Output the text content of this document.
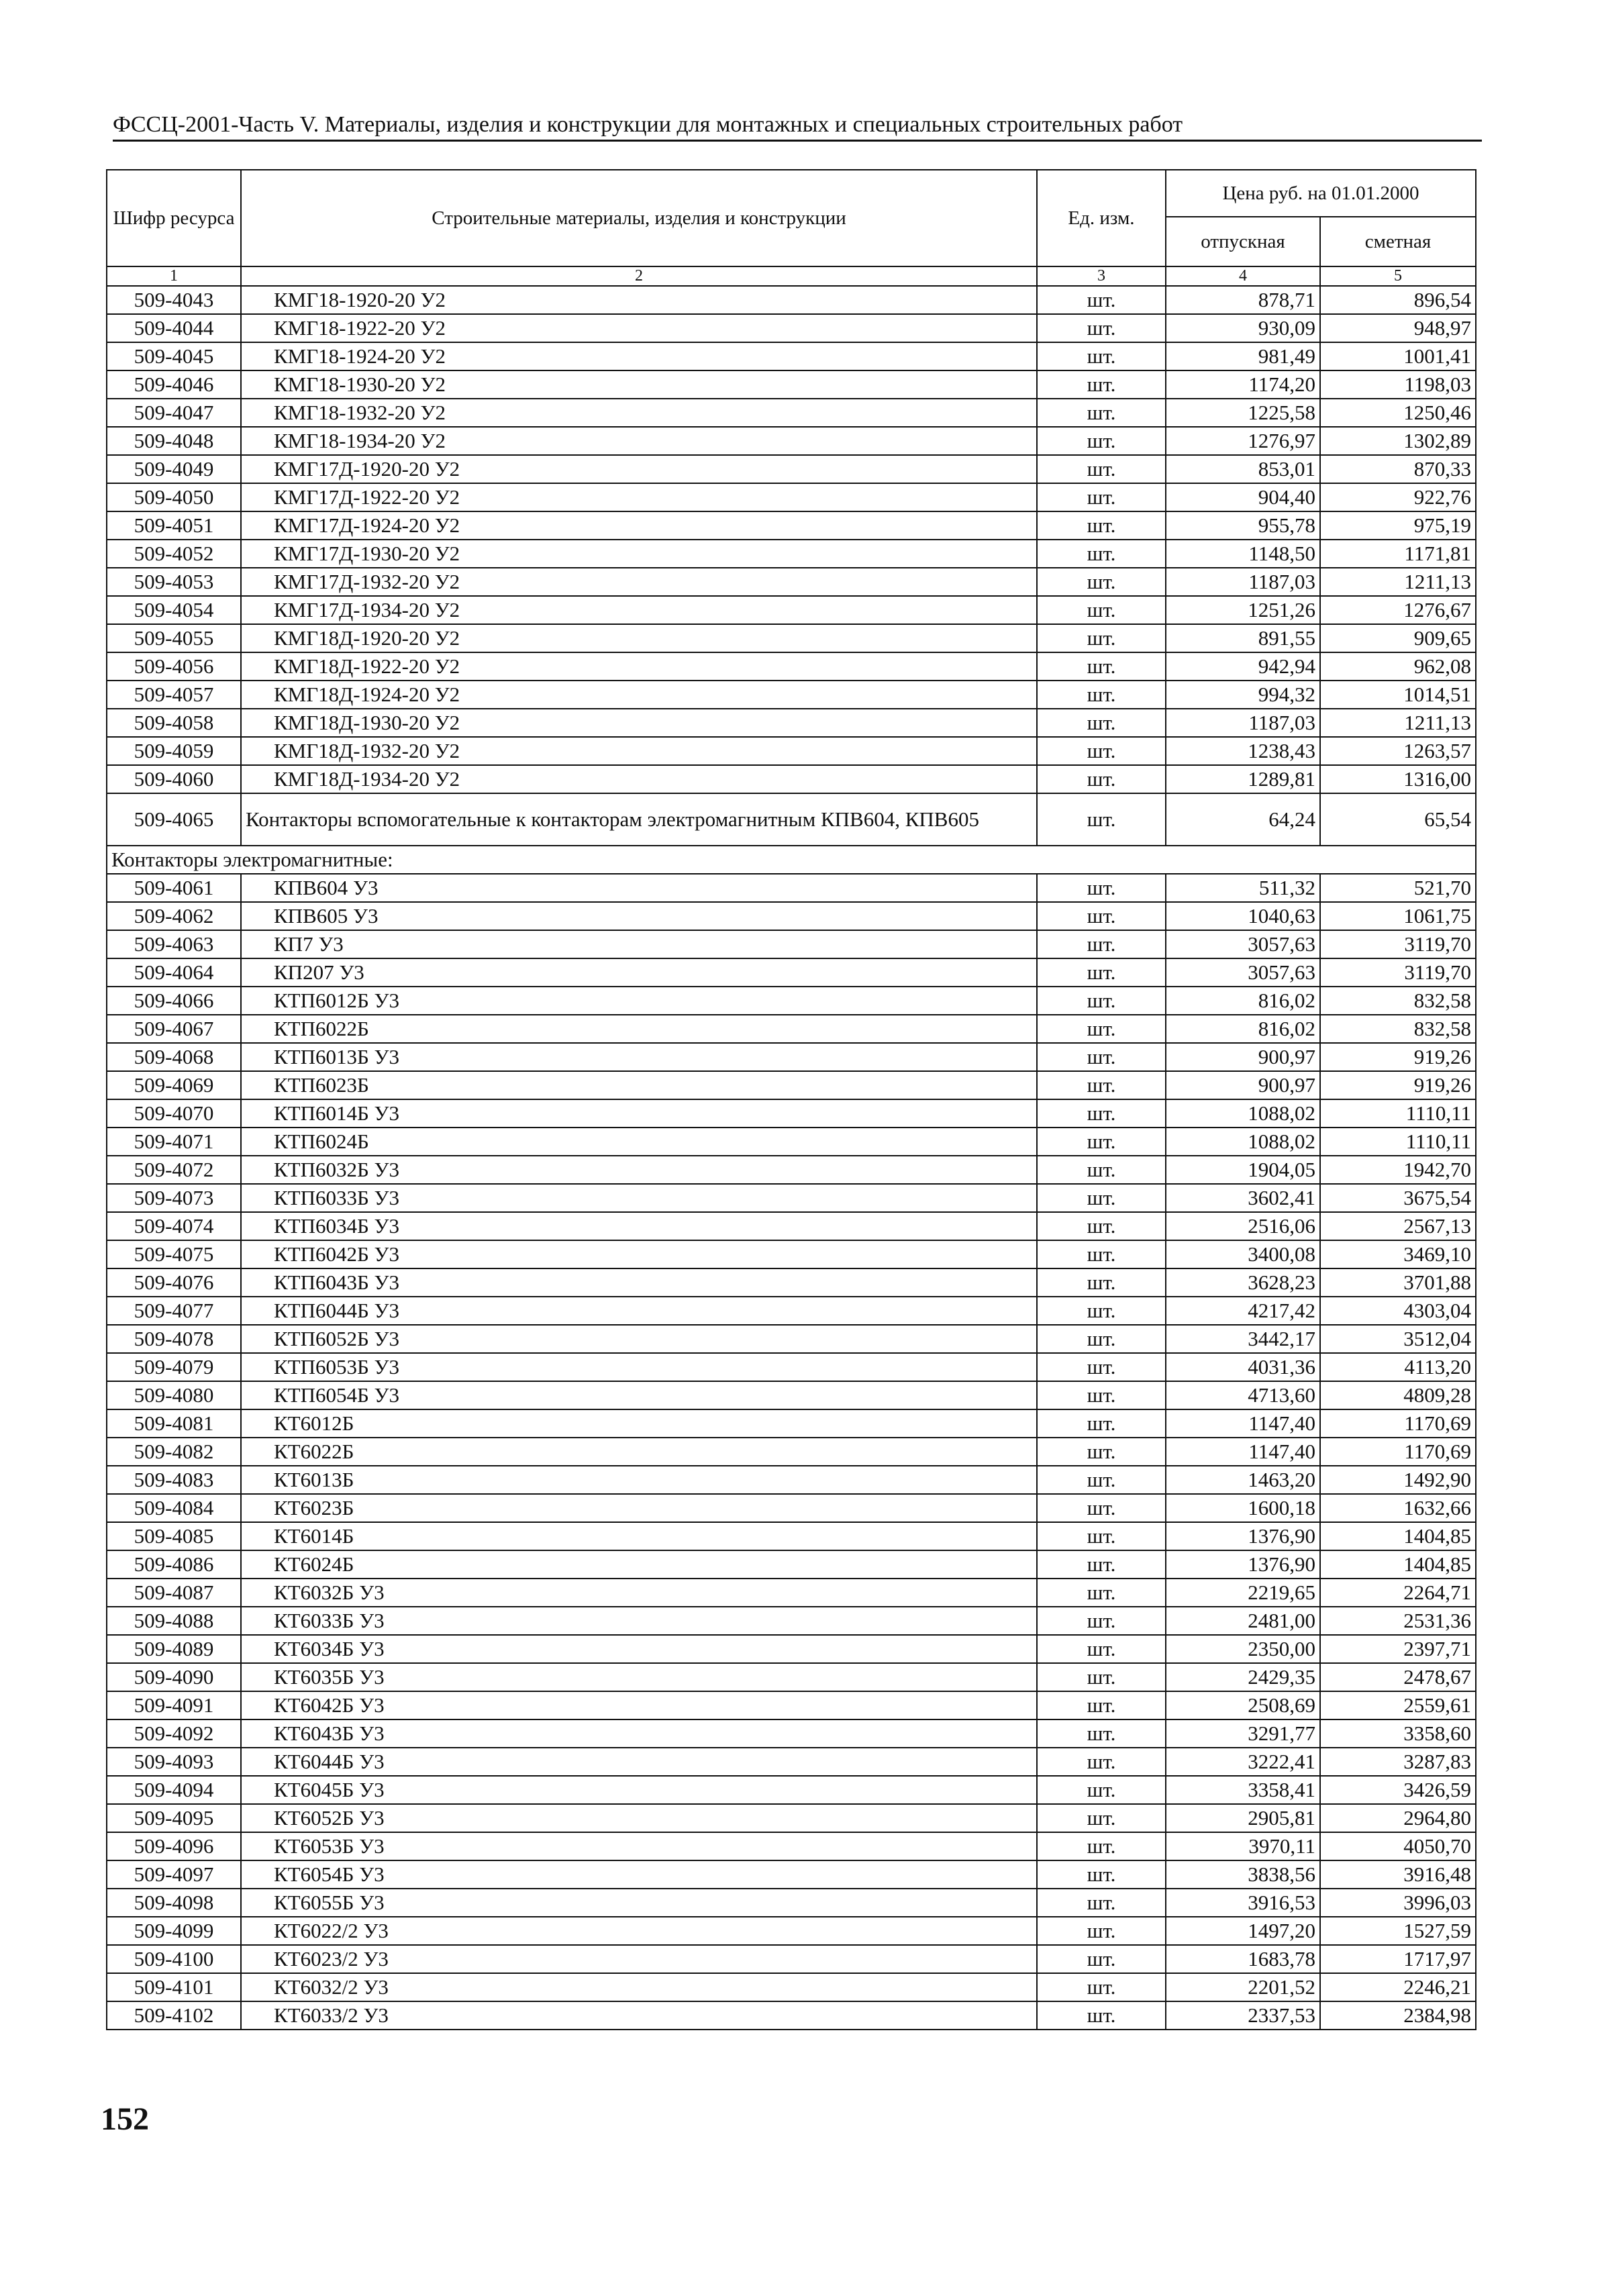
ФССЦ-2001-Часть V. Материалы, изделия и конструкции для монтажных и специальных строительных работ
Шифр ресурса	Строительные материалы, изделия и конструкции	Ед. изм.	Цена руб. на 01.01.2000	
			отпускная	сметная
1	2	3	4	5
509-4043	КМГ18-1920-20 У2	шт.	878,71	896,54
509-4044	КМГ18-1922-20 У2	шт.	930,09	948,97
509-4045	КМГ18-1924-20 У2	шт.	981,49	1001,41
509-4046	КМГ18-1930-20 У2	шт.	1174,20	1198,03
509-4047	КМГ18-1932-20 У2	шт.	1225,58	1250,46
509-4048	КМГ18-1934-20 У2	шт.	1276,97	1302,89
509-4049	КМГ17Д-1920-20 У2	шт.	853,01	870,33
509-4050	КМГ17Д-1922-20 У2	шт.	904,40	922,76
509-4051	КМГ17Д-1924-20 У2	шт.	955,78	975,19
509-4052	КМГ17Д-1930-20 У2	шт.	1148,50	1171,81
509-4053	КМГ17Д-1932-20 У2	шт.	1187,03	1211,13
509-4054	КМГ17Д-1934-20 У2	шт.	1251,26	1276,67
509-4055	КМГ18Д-1920-20 У2	шт.	891,55	909,65
509-4056	КМГ18Д-1922-20 У2	шт.	942,94	962,08
509-4057	КМГ18Д-1924-20 У2	шт.	994,32	1014,51
509-4058	КМГ18Д-1930-20 У2	шт.	1187,03	1211,13
509-4059	КМГ18Д-1932-20 У2	шт.	1238,43	1263,57
509-4060	КМГ18Д-1934-20 У2	шт.	1289,81	1316,00
509-4065	Контакторы вспомогательные к контакторам электромагнитным КПВ604, КПВ605	шт.	64,24	65,54
Контакторы электромагнитные:				
509-4061	КПВ604 У3	шт.	511,32	521,70
509-4062	КПВ605 У3	шт.	1040,63	1061,75
509-4063	КП7 У3	шт.	3057,63	3119,70
509-4064	КП207 У3	шт.	3057,63	3119,70
509-4066	КТП6012Б У3	шт.	816,02	832,58
509-4067	КТП6022Б	шт.	816,02	832,58
509-4068	КТП6013Б У3	шт.	900,97	919,26
509-4069	КТП6023Б	шт.	900,97	919,26
509-4070	КТП6014Б У3	шт.	1088,02	1110,11
509-4071	КТП6024Б	шт.	1088,02	1110,11
509-4072	КТП6032Б У3	шт.	1904,05	1942,70
509-4073	КТП6033Б У3	шт.	3602,41	3675,54
509-4074	КТП6034Б У3	шт.	2516,06	2567,13
509-4075	КТП6042Б У3	шт.	3400,08	3469,10
509-4076	КТП6043Б У3	шт.	3628,23	3701,88
509-4077	КТП6044Б У3	шт.	4217,42	4303,04
509-4078	КТП6052Б У3	шт.	3442,17	3512,04
509-4079	КТП6053Б У3	шт.	4031,36	4113,20
509-4080	КТП6054Б У3	шт.	4713,60	4809,28
509-4081	КТ6012Б	шт.	1147,40	1170,69
509-4082	КТ6022Б	шт.	1147,40	1170,69
509-4083	КТ6013Б	шт.	1463,20	1492,90
509-4084	КТ6023Б	шт.	1600,18	1632,66
509-4085	КТ6014Б	шт.	1376,90	1404,85
509-4086	КТ6024Б	шт.	1376,90	1404,85
509-4087	КТ6032Б У3	шт.	2219,65	2264,71
509-4088	КТ6033Б У3	шт.	2481,00	2531,36
509-4089	КТ6034Б У3	шт.	2350,00	2397,71
509-4090	КТ6035Б У3	шт.	2429,35	2478,67
509-4091	КТ6042Б У3	шт.	2508,69	2559,61
509-4092	КТ6043Б У3	шт.	3291,77	3358,60
509-4093	КТ6044Б У3	шт.	3222,41	3287,83
509-4094	КТ6045Б У3	шт.	3358,41	3426,59
509-4095	КТ6052Б У3	шт.	2905,81	2964,80
509-4096	КТ6053Б У3	шт.	3970,11	4050,70
509-4097	КТ6054Б У3	шт.	3838,56	3916,48
509-4098	КТ6055Б У3	шт.	3916,53	3996,03
509-4099	КТ6022/2 У3	шт.	1497,20	1527,59
509-4100	КТ6023/2 У3	шт.	1683,78	1717,97
509-4101	КТ6032/2 У3	шт.	2201,52	2246,21
509-4102	КТ6033/2 У3	шт.	2337,53	2384,98
152
